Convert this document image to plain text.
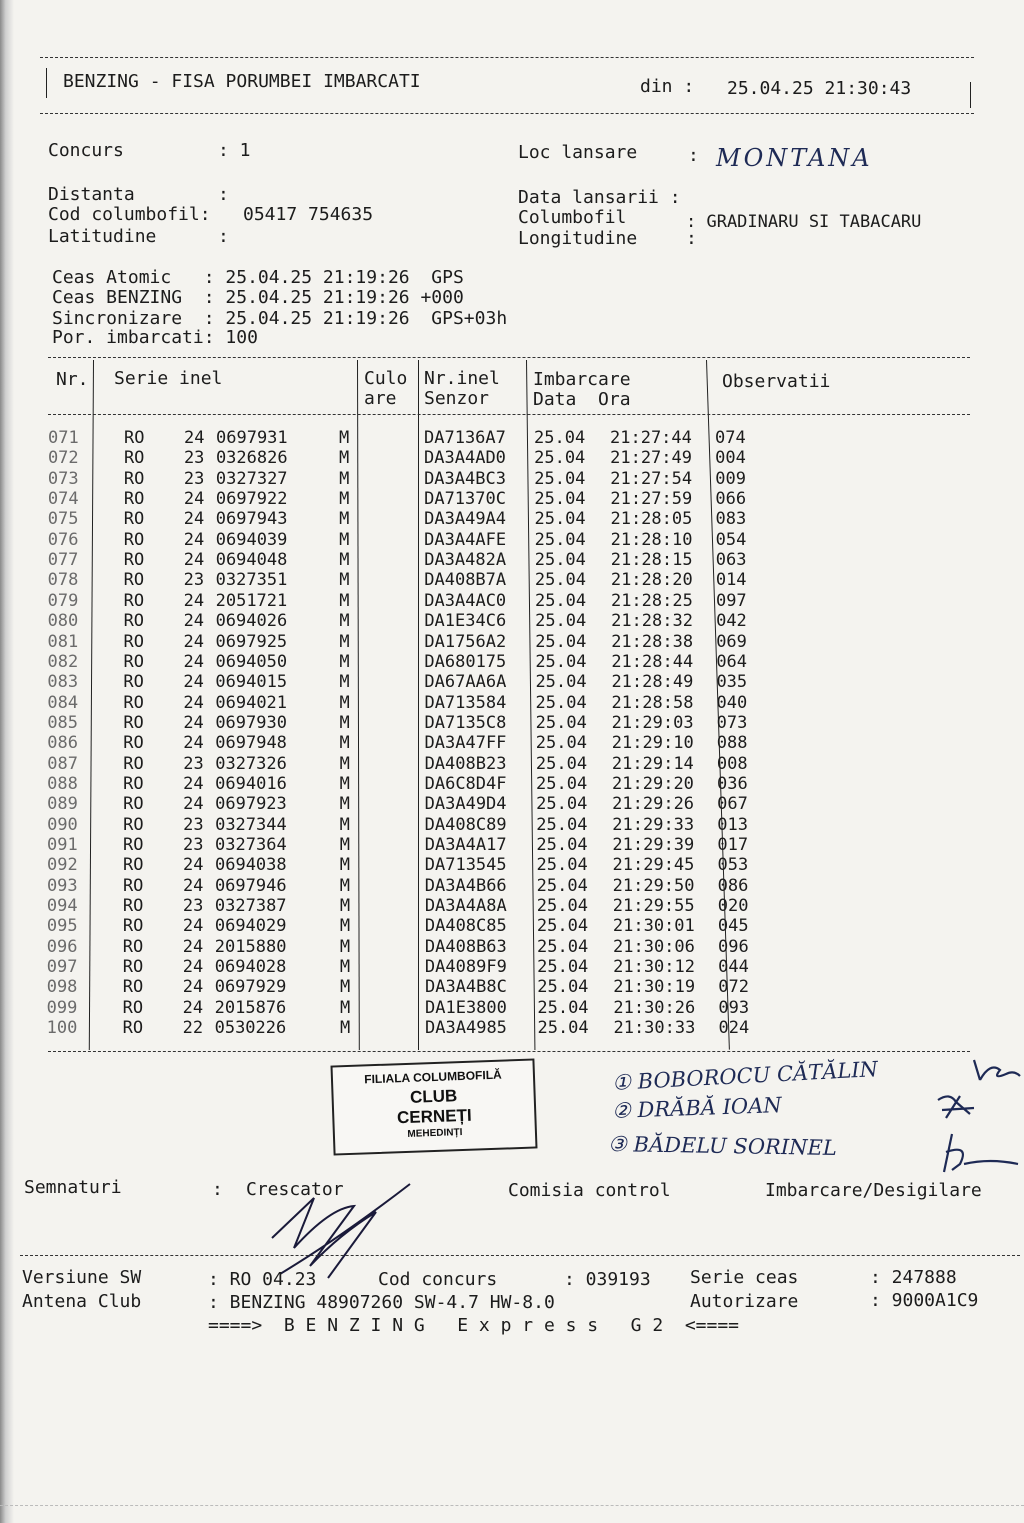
BENZING - FISA PORUMBEI IMBARCATI	din : 25.04.25 21:30:43
Concurs	: 1	Loc lansare	: MONTANA
Distanta	:	Data lansarii :
Cod columbofil: 05417 754635	Columbofil	: GRADINARU SI TABACARU
Latitudine	:	Longitudine	:
Ceas Atomic   : 25.04.25 21:19:26  GPS
Ceas BENZING  : 25.04.25 21:19:26 +000
Sincronizare  : 25.04.25 21:19:26  GPS+03h
Por. imbarcati: 100
Nr. Serie inel	Culo
are
Nr.inel
Senzor
Imbarcare
Data  Ora
Observatii
071	RO 24 0697931	M	DA7136A7 25.04 21:27:44 074
072	RO 23 0326826	M	DA3A4AD0 25.04 21:27:49 004
073	RO 23 0327327	M	DA3A4BC3 25.04 21:27:54 009
074	RO 24 0697922	M	DA71370C 25.04 21:27:59 066
075	RO 24 0697943	M	DA3A49A4 25.04 21:28:05 083
076	RO 24 0694039	M	DA3A4AFE 25.04 21:28:10 054
077	RO 24 0694048	M	DA3A482A 25.04 21:28:15 063
078	RO 23 0327351	M	DA408B7A 25.04 21:28:20 014
079	RO 24 2051721	M	DA3A4AC0 25.04 21:28:25 097
080	RO 24 0694026	M	DA1E34C6 25.04 21:28:32 042
081	RO 24 0697925	M	DA1756A2 25.04 21:28:38 069
082	RO 24 0694050	M	DA680175 25.04 21:28:44 064
083	RO 24 0694015	M	DA67AA6A 25.04 21:28:49 035
084	RO 24 0694021	M	DA713584 25.04 21:28:58 040
085	RO 24 0697930	M	DA7135C8 25.04 21:29:03 073
086	RO 24 0697948	M	DA3A47FF 25.04 21:29:10 088
087	RO 23 0327326	M	DA408B23 25.04 21:29:14 008
088	RO 24 0694016	M	DA6C8D4F 25.04 21:29:20 036
089	RO 24 0697923	M	DA3A49D4 25.04 21:29:26 067
090	RO 23 0327344	M	DA408C89 25.04 21:29:33 013
091	RO 23 0327364	M	DA3A4A17 25.04 21:29:39 017
092	RO 24 0694038	M	DA713545 25.04 21:29:45 053
093	RO 24 0697946	M	DA3A4B66 25.04 21:29:50 086
094	RO 23 0327387	M	DA3A4A8A 25.04 21:29:55 020
095	RO 24 0694029	M	DA408C85 25.04 21:30:01 045
096	RO 24 2015880	M	DA408B63 25.04 21:30:06 096
097	RO 24 0694028	M	DA4089F9 25.04 21:30:12 044
098	RO 24 0697929	M	DA3A4B8C 25.04 21:30:19 072
099	RO 24 2015876	M	DA1E3800 25.04 21:30:26 093
100	RO 22 0530226	M	DA3A4985 25.04 21:30:33 024
FILIALA COLUMBOFILĂ
CLUB
CERNEȚI
MEHEDINȚI
① BOBOROCU CĂTĂLIN
② DRĂBĂ IOAN
③ BĂDELU SORINEL
Semnaturi	: Crescator	Comisia control	Imbarcare/Desigilare
Versiune SW	: RO 04.23	Cod concurs	: 039193 Serie ceas	: 247888
Antena Club	: BENZING 48907260 SW-4.7 HW-8.0	Autorizare	: 9000A1C9
====>  B E N Z I N G   E x p r e s s   G 2  <====
